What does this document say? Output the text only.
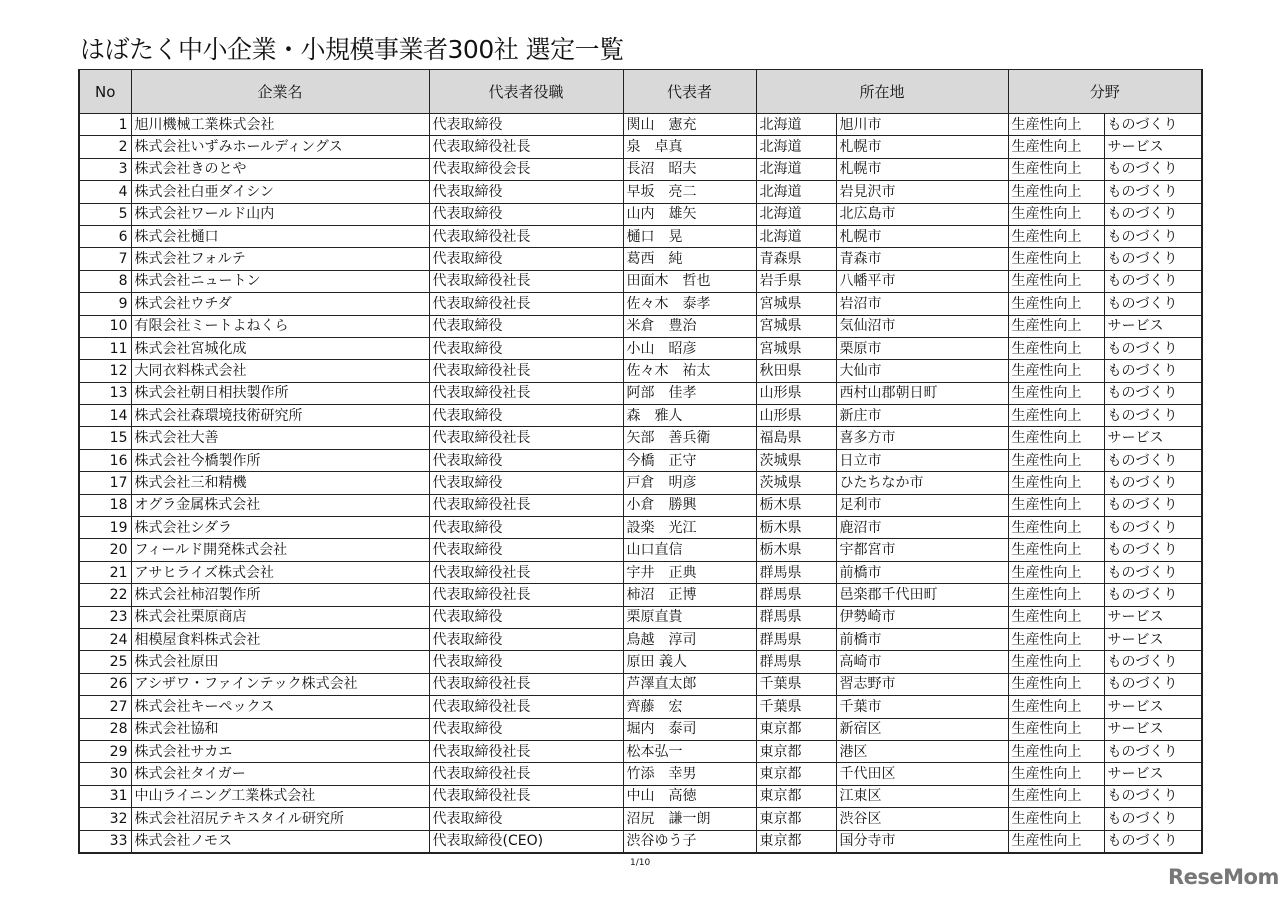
はばたく中小企業・小規模事業者300社 選定一覧
No	企業名	代表者役職	代表者	所在地		分野	
1	旭川機械工業株式会社	代表取締役	関山　憲充	北海道	旭川市	生産性向上	ものづくり
2	株式会社いずみホールディングス	代表取締役社長	泉　卓真	北海道	札幌市	生産性向上	サービス
3	株式会社きのとや	代表取締役会長	長沼　昭夫	北海道	札幌市	生産性向上	ものづくり
4	株式会社白亜ダイシン	代表取締役	早坂　亮二	北海道	岩見沢市	生産性向上	ものづくり
5	株式会社ワールド山内	代表取締役	山内　雄矢	北海道	北広島市	生産性向上	ものづくり
6	株式会社樋口	代表取締役社長	樋口　晃	北海道	札幌市	生産性向上	ものづくり
7	株式会社フォルテ	代表取締役	葛西　純	青森県	青森市	生産性向上	ものづくり
8	株式会社ニュートン	代表取締役社長	田面木　哲也	岩手県	八幡平市	生産性向上	ものづくり
9	株式会社ウチダ	代表取締役社長	佐々木　泰孝	宮城県	岩沼市	生産性向上	ものづくり
10	有限会社ミートよねくら	代表取締役	米倉　豊治	宮城県	気仙沼市	生産性向上	サービス
11	株式会社宮城化成	代表取締役	小山　昭彦	宮城県	栗原市	生産性向上	ものづくり
12	大同衣料株式会社	代表取締役社長	佐々木　祐太	秋田県	大仙市	生産性向上	ものづくり
13	株式会社朝日相扶製作所	代表取締役社長	阿部　佳孝	山形県	西村山郡朝日町	生産性向上	ものづくり
14	株式会社森環境技術研究所	代表取締役	森　雅人	山形県	新庄市	生産性向上	ものづくり
15	株式会社大善	代表取締役社長	矢部　善兵衛	福島県	喜多方市	生産性向上	サービス
16	株式会社今橋製作所	代表取締役	今橋　正守	茨城県	日立市	生産性向上	ものづくり
17	株式会社三和精機	代表取締役	戸倉　明彦	茨城県	ひたちなか市	生産性向上	ものづくり
18	オグラ金属株式会社	代表取締役社長	小倉　勝興	栃木県	足利市	生産性向上	ものづくり
19	株式会社シダラ	代表取締役	設楽　光江	栃木県	鹿沼市	生産性向上	ものづくり
20	フィールド開発株式会社	代表取締役	山口直信	栃木県	宇都宮市	生産性向上	ものづくり
21	アサヒライズ株式会社	代表取締役社長	宇井　正典	群馬県	前橋市	生産性向上	ものづくり
22	株式会社柿沼製作所	代表取締役社長	柿沼　正博	群馬県	邑楽郡千代田町	生産性向上	ものづくり
23	株式会社栗原商店	代表取締役	栗原直貴	群馬県	伊勢崎市	生産性向上	サービス
24	相模屋食料株式会社	代表取締役	鳥越　淳司	群馬県	前橋市	生産性向上	サービス
25	株式会社原田	代表取締役	原田 義人	群馬県	高崎市	生産性向上	ものづくり
26	アシザワ・ファインテック株式会社	代表取締役社長	芦澤直太郎	千葉県	習志野市	生産性向上	ものづくり
27	株式会社キーペックス	代表取締役社長	齊藤　宏	千葉県	千葉市	生産性向上	サービス
28	株式会社協和	代表取締役	堀内　泰司	東京都	新宿区	生産性向上	サービス
29	株式会社サカエ	代表取締役社長	松本弘一	東京都	港区	生産性向上	ものづくり
30	株式会社タイガー	代表取締役社長	竹添　幸男	東京都	千代田区	生産性向上	サービス
31	中山ライニング工業株式会社	代表取締役社長	中山　高徳	東京都	江東区	生産性向上	ものづくり
32	株式会社沼尻テキスタイル研究所	代表取締役	沼尻　謙一朗	東京都	渋谷区	生産性向上	ものづくり
33	株式会社ノモス	代表取締役(CEO)	渋谷ゆう子	東京都	国分寺市	生産性向上	ものづくり
1/10
ReseMom
